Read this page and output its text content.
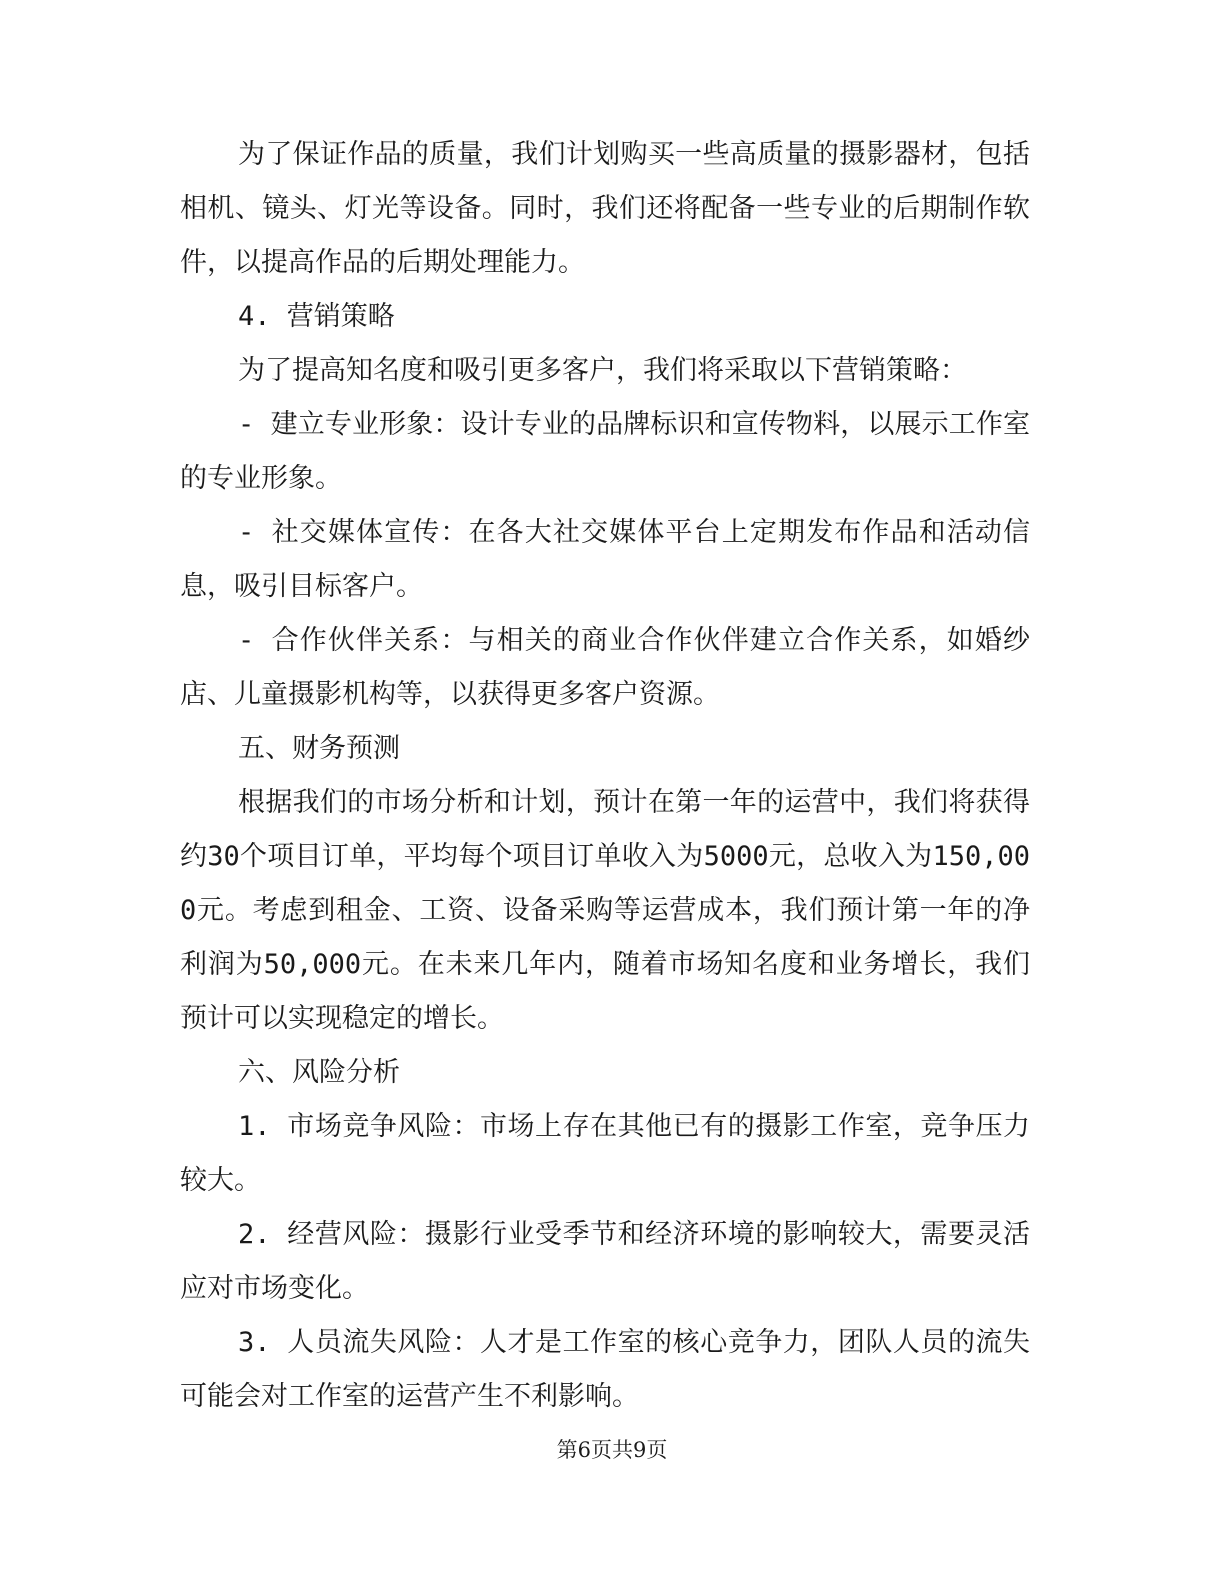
为了保证作品的质量，我们计划购买一些高质量的摄影器材，包括相机、镜头、灯光等设备。同时，我们还将配备一些专业的后期制作软件，以提高作品的后期处理能力。

4. 营销策略

为了提高知名度和吸引更多客户，我们将采取以下营销策略：

- 建立专业形象：设计专业的品牌标识和宣传物料，以展示工作室的专业形象。

- 社交媒体宣传：在各大社交媒体平台上定期发布作品和活动信息，吸引目标客户。

- 合作伙伴关系：与相关的商业合作伙伴建立合作关系，如婚纱店、儿童摄影机构等，以获得更多客户资源。

五、财务预测

根据我们的市场分析和计划，预计在第一年的运营中，我们将获得约30个项目订单，平均每个项目订单收入为5000元，总收入为150,000元。考虑到租金、工资、设备采购等运营成本，我们预计第一年的净利润为50,000元。在未来几年内，随着市场知名度和业务增长，我们预计可以实现稳定的增长。

六、风险分析

1. 市场竞争风险：市场上存在其他已有的摄影工作室，竞争压力较大。

2. 经营风险：摄影行业受季节和经济环境的影响较大，需要灵活应对市场变化。

3. 人员流失风险：人才是工作室的核心竞争力，团队人员的流失可能会对工作室的运营产生不利影响。

第6页共9页
